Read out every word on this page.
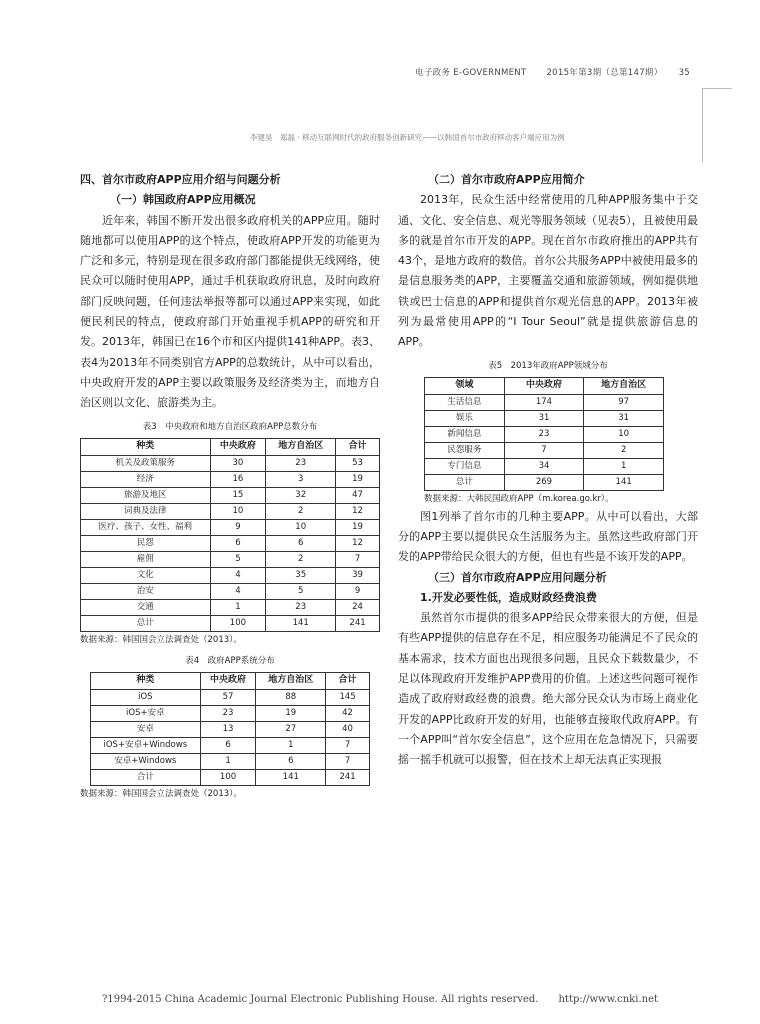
电子政务 E-GOVERNMENT 2015年第3期（总第147期） 35
李建昊　郑磊 · 移动互联网时代的政府服务创新研究——以韩国首尔市政府移动客户端应用为例
四、首尔市政府APP应用介绍与问题分析
（一）韩国政府APP应用概况

近年来，韩国不断开发出很多政府机关的APP应用。随时随地都可以使用APP的这个特点，使政府APP开发的功能更为广泛和多元，特别是现在很多政府部门都能提供无线网络，使民众可以随时使用APP，通过手机获取政府讯息，及时向政府部门反映问题，任何违法举报等都可以通过APP来实现，如此便民利民的特点，使政府部门开始重视手机APP的研究和开发。2013年，韩国已在16个市和区内提供141种APP。表3、表4为2013年不同类别官方APP的总数统计，从中可以看出，中央政府开发的APP主要以政策服务及经济类为主，而地方自治区则以文化、旅游类为主。

表3　中央政府和地方自治区政府APP总数分布
种类	中央政府	地方自治区	合计
机关及政策服务	30	23	53
经济	16	3	19
旅游及地区	15	32	47
词典及法律	10	2	12
医疗、孩子、女性、福利	9	10	19
民怨	6	6	12
雇佣	5	2	7
文化	4	35	39
治安	4	5	9
交通	1	23	24
总计	100	141	241

数据来源：韩国国会立法调查处（2013）。

表4　政府APP系统分布
种类	中央政府	地方自治区	合计
iOS	57	88	145
iOS+安卓	23	19	42
安卓	13	27	40
iOS+安卓+Windows	6	1	7
安卓+Windows	1	6	7
合计	100	141	241

数据来源：韩国国会立法调查处（2013）。

（二）首尔市政府APP应用简介

2013年，民众生活中经常使用的几种APP服务集中于交通、文化、安全信息、观光等服务领域（见表5），且被使用最多的就是首尔市开发的APP。现在首尔市政府推出的APP共有43个，是地方政府的数倍。首尔公共服务APP中被使用最多的是信息服务类的APP，主要覆盖交通和旅游领域，例如提供地铁或巴士信息的APP和提供首尔观光信息的APP。2013年被列为最常使用APP的“I Tour Seoul”就是提供旅游信息的APP。

表5　2013年政府APP领域分布
领域	中央政府	地方自治区
生活信息	174	97
娱乐	31	31
新闻信息	23	10
民怨服务	7	2
专门信息	34	1
总计	269	141

数据来源：大韩民国政府APP（m.korea.go.kr）。

图1列举了首尔市的几种主要APP。从中可以看出，大部分的APP主要以提供民众生活服务为主。虽然这些政府部门开发的APP带给民众很大的方便，但也有些是不该开发的APP。

（三）首尔市政府APP应用问题分析
1.开发必要性低，造成财政经费浪费

虽然首尔市提供的很多APP给民众带来很大的方便，但是有些APP提供的信息存在不足，相应服务功能满足不了民众的基本需求，技术方面也出现很多问题，且民众下载数量少，不足以体现政府开发维护APP费用的价值。上述这些问题可视作造成了政府财政经费的浪费。绝大部分民众认为市场上商业化开发的APP比政府开发的好用，也能够直接取代政府APP。有一个APP叫“首尔安全信息”，这个应用在危急情况下，只需要摇一摇手机就可以报警，但在技术上却无法真正实现报

?1994-2015 China Academic Journal Electronic Publishing House. All rights reserved.　　http://www.cnki.net
